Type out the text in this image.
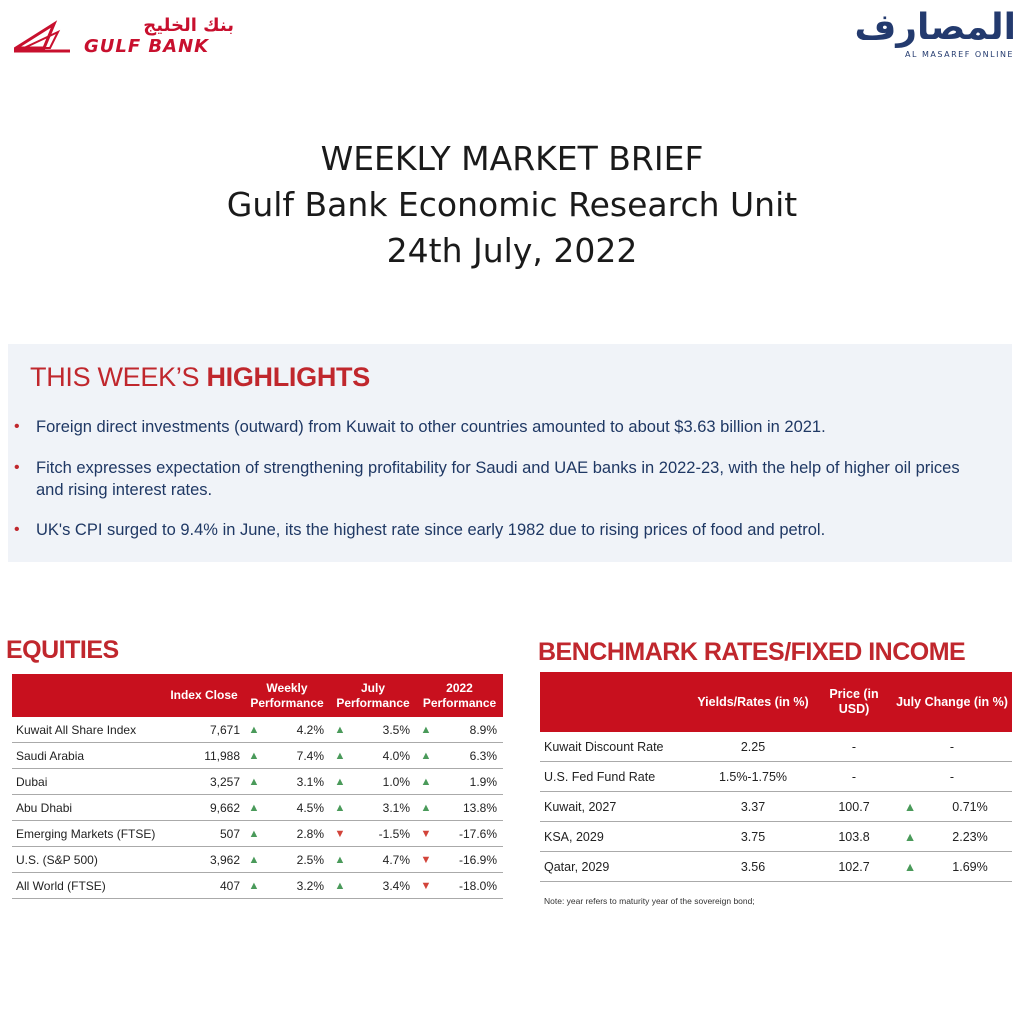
بنك الخليج
GULF BANK	المصارف
AL MASAREF ONLINE
WEEKLY MARKET BRIEF
Gulf Bank Economic Research Unit
24th July, 2022
THIS WEEK’S HIGHLIGHTS
• Foreign direct investments (outward) from Kuwait to other countries amounted to about $3.63 billion in 2021.
• Fitch expresses expectation of strengthening profitability for Saudi and UAE banks in 2022-23, with the help of higher oil prices and rising interest rates.
• UK's CPI surged to 9.4% in June, its the highest rate since early 1982 due to rising prices of food and petrol.
EQUITIES
	Index Close	Weekly Performance		July Performance		2022 Performance	
Kuwait All Share Index	7,671	▲	4.2%	▲	3.5%	▲	8.9%
Saudi Arabia	11,988	▲	7.4%	▲	4.0%	▲	6.3%
Dubai	3,257	▲	3.1%	▲	1.0%	▲	1.9%
Abu Dhabi	9,662	▲	4.5%	▲	3.1%	▲	13.8%
Emerging Markets (FTSE)	507	▲	2.8%	▼	-1.5%	▼	-17.6%
U.S. (S&P 500)	3,962	▲	2.5%	▲	4.7%	▼	-16.9%
All World (FTSE)	407	▲	3.2%	▲	3.4%	▼	-18.0%
BENCHMARK RATES/FIXED INCOME
	Yields/Rates (in %)	Price (in USD)	July Change (in %)	
Kuwait Discount Rate	2.25	-	-	
U.S. Fed Fund Rate	1.5%-1.75%	-	-	
Kuwait, 2027	3.37	100.7	▲	0.71%
KSA, 2029	3.75	103.8	▲	2.23%
Qatar, 2029	3.56	102.7	▲	1.69%
Note: year refers to maturity year of the sovereign bond;
